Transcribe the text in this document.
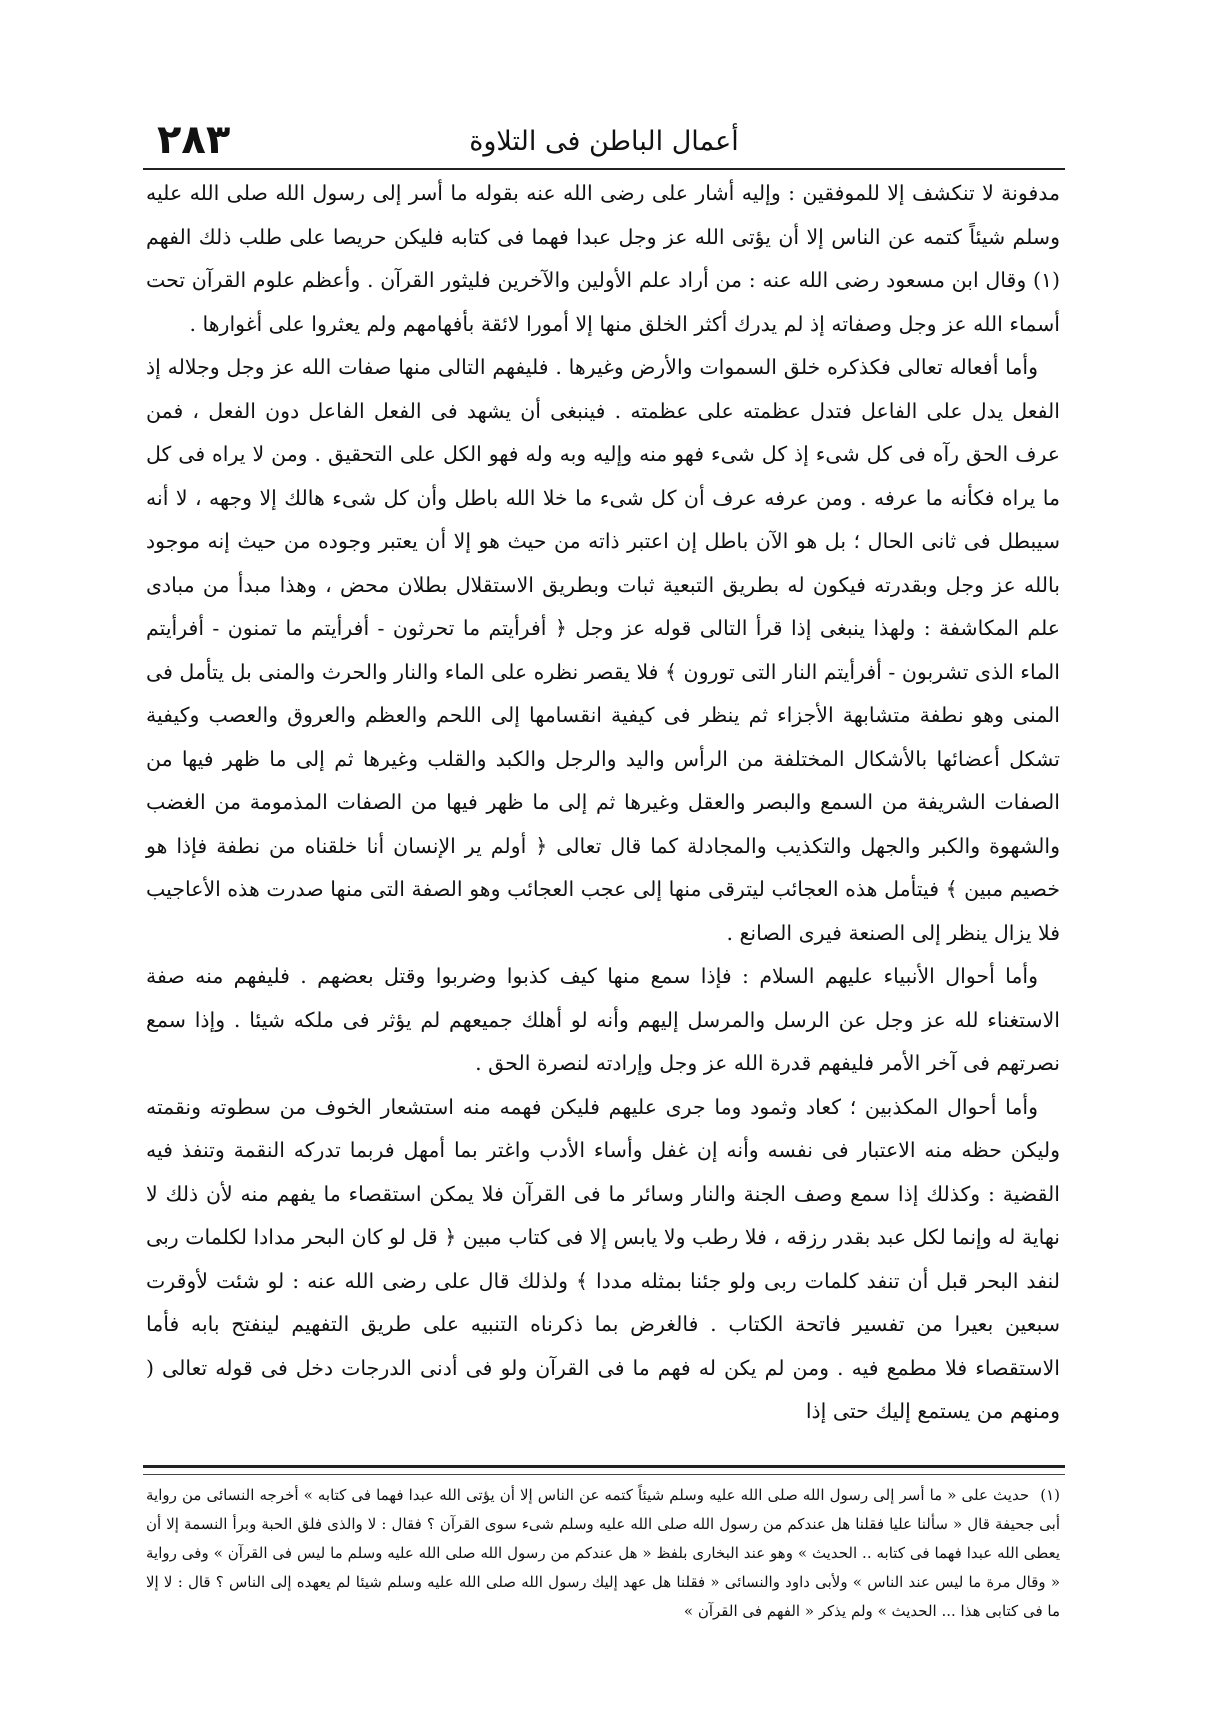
٢٨٣	أعمال الباطن فى التلاوة

مدفونة لا تنكشف إلا للموفقين : وإليه أشار على رضى الله عنه بقوله ما أسر إلى رسول الله صلى الله عليه وسلم شيئاً كتمه عن الناس إلا أن يؤتى الله عز وجل عبدا فهما فى كتابه فليكن حريصا على طلب ذلك الفهم (١) وقال ابن مسعود رضى الله عنه : من أراد علم الأولين والآخرين فليثور القرآن . وأعظم علوم القرآن تحت أسماء الله عز وجل وصفاته إذ لم يدرك أكثر الخلق منها إلا أمورا لائقة بأفهامهم ولم يعثروا على أغوارها .

وأما أفعاله تعالى فكذكره خلق السموات والأرض وغيرها . فليفهم التالى منها صفات الله عز وجل وجلاله إذ الفعل يدل على الفاعل فتدل عظمته على عظمته . فينبغى أن يشهد فى الفعل الفاعل دون الفعل ، فمن عرف الحق رآه فى كل شىء إذ كل شىء فهو منه وإليه وبه وله فهو الكل على التحقيق . ومن لا يراه فى كل ما يراه فكأنه ما عرفه . ومن عرفه عرف أن كل شىء ما خلا الله باطل وأن كل شىء هالك إلا وجهه ، لا أنه سيبطل فى ثانى الحال ؛ بل هو الآن باطل إن اعتبر ذاته من حيث هو إلا أن يعتبر وجوده من حيث إنه موجود بالله عز وجل وبقدرته فيكون له بطريق التبعية ثبات وبطريق الاستقلال بطلان محض ، وهذا مبدأ من مبادى علم المكاشفة : ولهذا ينبغى إذا قرأ التالى قوله عز وجل ﴿ أفرأيتم ما تحرثون - أفرأيتم ما تمنون - أفرأيتم الماء الذى تشربون - أفرأيتم النار التى تورون ﴾ فلا يقصر نظره على الماء والنار والحرث والمنى بل يتأمل فى المنى وهو نطفة متشابهة الأجزاء ثم ينظر فى كيفية انقسامها إلى اللحم والعظم والعروق والعصب وكيفية تشكل أعضائها بالأشكال المختلفة من الرأس واليد والرجل والكبد والقلب وغيرها ثم إلى ما ظهر فيها من الصفات الشريفة من السمع والبصر والعقل وغيرها ثم إلى ما ظهر فيها من الصفات المذمومة من الغضب والشهوة والكبر والجهل والتكذيب والمجادلة كما قال تعالى ﴿ أولم ير الإنسان أنا خلقناه من نطفة فإذا هو خصيم مبين ﴾ فيتأمل هذه العجائب ليترقى منها إلى عجب العجائب وهو الصفة التى منها صدرت هذه الأعاجيب فلا يزال ينظر إلى الصنعة فيرى الصانع .

وأما أحوال الأنبياء عليهم السلام : فإذا سمع منها كيف كذبوا وضربوا وقتل بعضهم . فليفهم منه صفة الاستغناء لله عز وجل عن الرسل والمرسل إليهم وأنه لو أهلك جميعهم لم يؤثر فى ملكه شيئا . وإذا سمع نصرتهم فى آخر الأمر فليفهم قدرة الله عز وجل وإرادته لنصرة الحق .

وأما أحوال المكذبين ؛ كعاد وثمود وما جرى عليهم فليكن فهمه منه استشعار الخوف من سطوته ونقمته وليكن حظه منه الاعتبار فى نفسه وأنه إن غفل وأساء الأدب واغتر بما أمهل فربما تدركه النقمة وتنفذ فيه القضية : وكذلك إذا سمع وصف الجنة والنار وسائر ما فى القرآن فلا يمكن استقصاء ما يفهم منه لأن ذلك لا نهاية له وإنما لكل عبد بقدر رزقه ، فلا رطب ولا يابس إلا فى كتاب مبين ﴿ قل لو كان البحر مدادا لكلمات ربى لنفد البحر قبل أن تنفد كلمات ربى ولو جئنا بمثله مددا ﴾ ولذلك قال على رضى الله عنه : لو شئت لأوقرت سبعين بعيرا من تفسير فاتحة الكتاب . فالغرض بما ذكرناه التنبيه على طريق التفهيم لينفتح بابه فأما الاستقصاء فلا مطمع فيه . ومن لم يكن له فهم ما فى القرآن ولو فى أدنى الدرجات دخل فى قوله تعالى ( ومنهم من يستمع إليك حتى إذا

(١) حديث على « ما أسر إلى رسول الله صلى الله عليه وسلم شيئاً كتمه عن الناس إلا أن يؤتى الله عبدا فهما فى كتابه » أخرجه النسائى من رواية أبى جحيفة قال « سألنا عليا فقلنا هل عندكم من رسول الله صلى الله عليه وسلم شىء سوى القرآن ؟ فقال : لا والذى فلق الحبة وبرأ النسمة إلا أن يعطى الله عبدا فهما فى كتابه .. الحديث » وهو عند البخارى بلفظ « هل عندكم من رسول الله صلى الله عليه وسلم ما ليس فى القرآن » وفى رواية « وقال مرة ما ليس عند الناس » ولأبى داود والنسائى « فقلنا هل عهد إليك رسول الله صلى الله عليه وسلم شيئا لم يعهده إلى الناس ؟ قال : لا إلا ما فى كتابى هذا ... الحديث » ولم يذكر « الفهم فى القرآن »
